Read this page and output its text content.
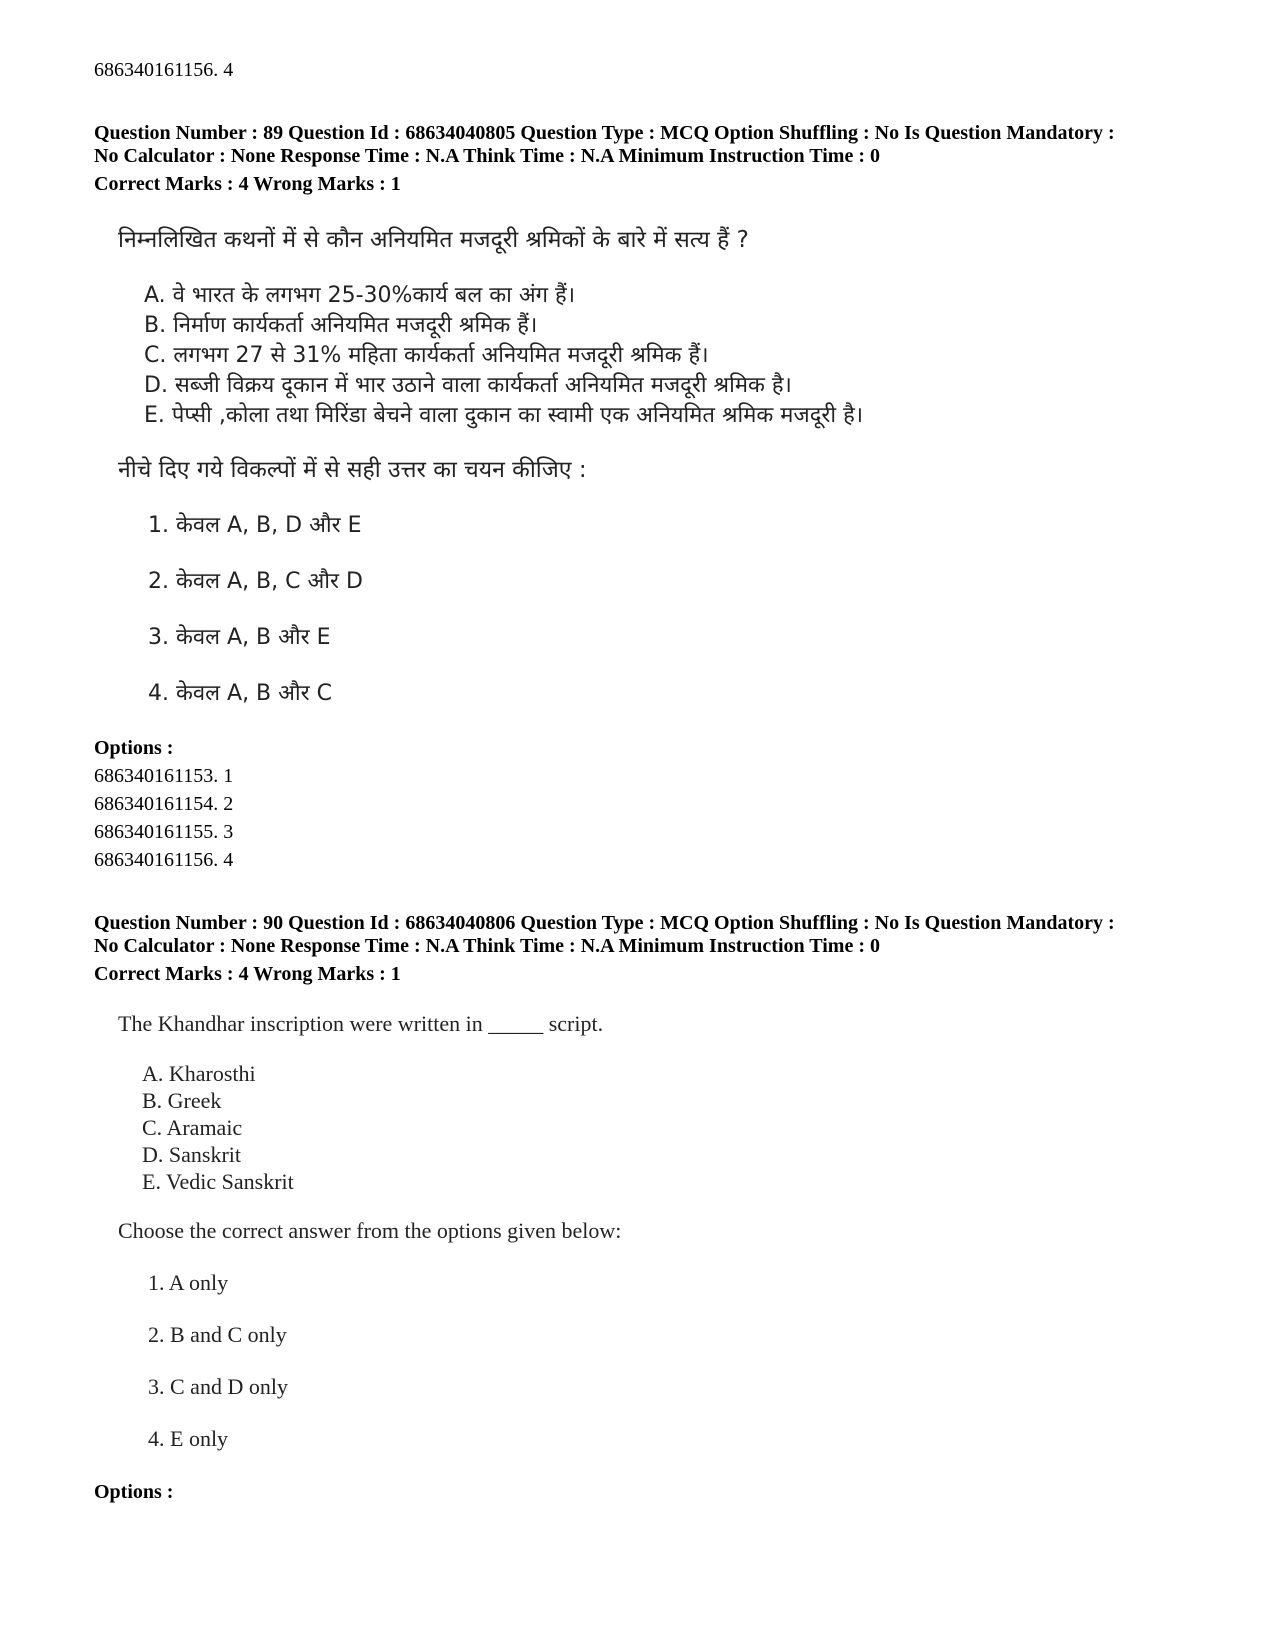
686340161156. 4
Question Number : 89 Question Id : 68634040805 Question Type : MCQ Option Shuffling : No Is Question Mandatory :
No Calculator : None Response Time : N.A Think Time : N.A Minimum Instruction Time : 0
Correct Marks : 4 Wrong Marks : 1
निम्नलिखित कथनों में से कौन अनियमित मजदूरी श्रमिकों के बारे में सत्य हैं ?
A. वे भारत के लगभग 25-30%कार्य बल का अंग हैं।
B. निर्माण कार्यकर्ता अनियमित मजदूरी श्रमिक हैं।
C. लगभग 27 से 31% महिता कार्यकर्ता अनियमित मजदूरी श्रमिक हैं।
D. सब्जी विक्रय दूकान में भार उठाने वाला कार्यकर्ता अनियमित मजदूरी श्रमिक है।
E. पेप्सी ,कोला तथा मिरिंडा बेचने वाला दुकान का स्वामी एक अनियमित श्रमिक मजदूरी है।
नीचे दिए गये विकल्पों में से सही उत्तर का चयन कीजिए :
1. केवल A, B, D और E
2. केवल A, B, C और D
3. केवल A, B और E
4. केवल A, B और C
Options :
686340161153. 1
686340161154. 2
686340161155. 3
686340161156. 4
Question Number : 90 Question Id : 68634040806 Question Type : MCQ Option Shuffling : No Is Question Mandatory :
No Calculator : None Response Time : N.A Think Time : N.A Minimum Instruction Time : 0
Correct Marks : 4 Wrong Marks : 1
The Khandhar inscription were written in _____ script.
A. Kharosthi
B. Greek
C. Aramaic
D. Sanskrit
E. Vedic Sanskrit
Choose the correct answer from the options given below:
1. A only
2. B and C only
3. C and D only
4. E only
Options :
